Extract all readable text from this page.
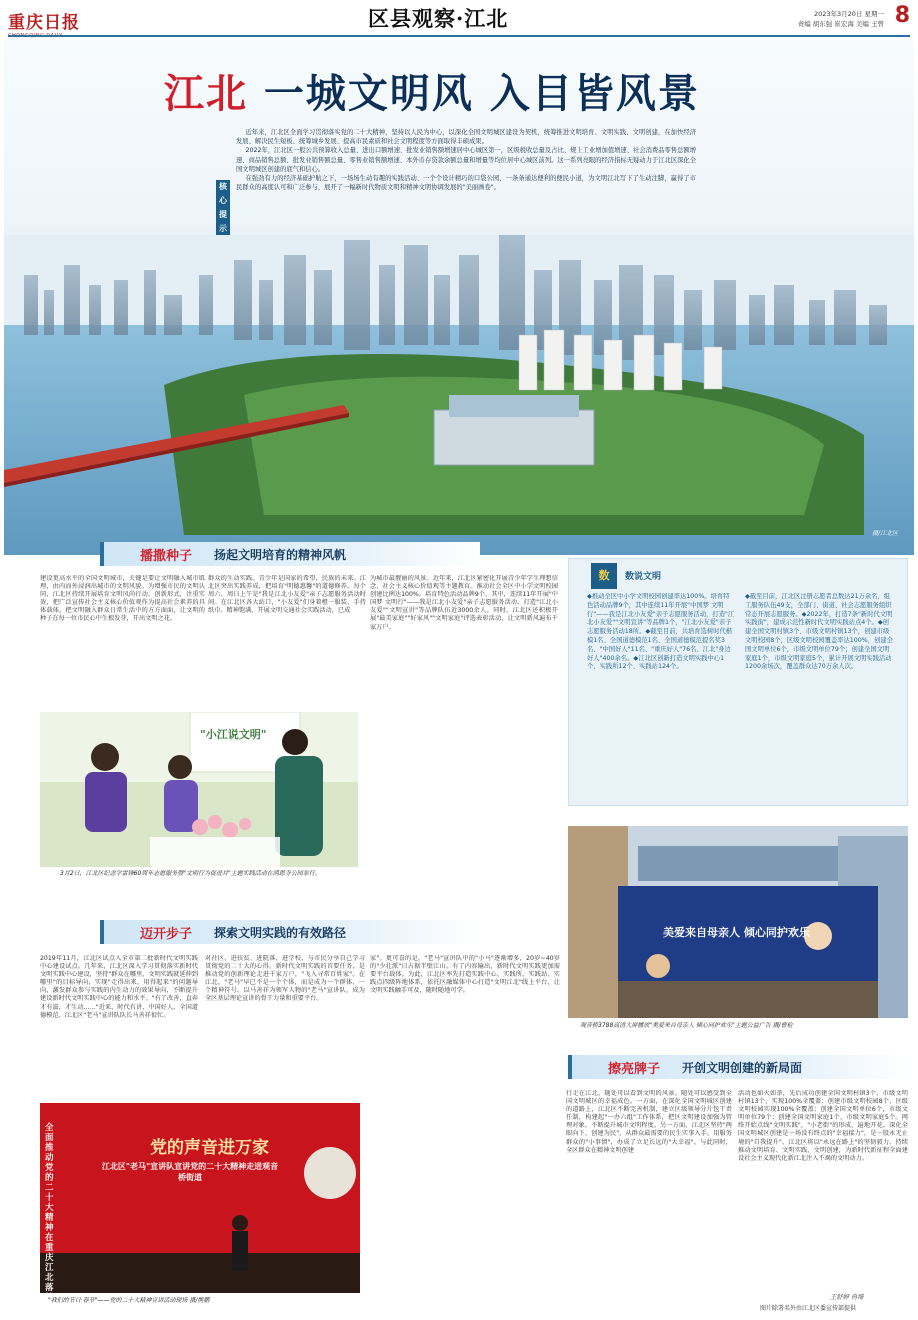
重庆日报	区县观察·江北	2023年3月20日 星期一
责编 胡东强 崔宏海 美编 王曾 8
江北 一城文明风 入目皆风景
核心提示

近年来，江北区全面学习贯彻落实党的二十大精神，坚持以人民为中心，以深化全国文明城区建设为契机，统筹推进文明培育、文明实践、文明创建，在加快经济发展、解决民生短板、统筹城乡发展、提高市民素质和社会文明程度等方面取得丰硕成果。

2022年，江北区一般公共预算收入总量、进出口额增速、批发业销售额增速居中心城区第一，区级税收总量及占比、规上工业增加值增速、社会消费品零售总额增速、商品销售总额、批发业销售额总量、零售业销售额增速、本外币存贷款余额总量和增量等均位居中心城区前列。这一系列亮眼的经济指标无疑动力于江北区深化全国文明城区创建的底气和信心。

在强劲有力的经济基础护航之下，一场场生动有趣的实践活动、一个个设计精巧的口袋公园、一条条通达便利的便民小道，为文明江北写下了生动注脚，赢得了市民群众的高度认可和广泛参与，展开了一幅新时代物质文明和精神文明协调发展的"美丽画卷"。

摄/江北区
播撒种子 扬起文明培育的精神风帆
建设更高水平的全国文明城市，关键是要让文明融入城市肌理，由内而外浸润出城市的文明风貌。为增强市民的文明认同，江北区持续开展培育文明风尚行动，创新形式，注重实效，把广泛宣传社会主义核心价值观作为提高社会素养的具体载体，把文明融入群众日常生活中的方方面面，让文明的种子在每一位市民心中生根发芽，开出文明之花。
群众的生动实践。青少年是国家的希望、民族的未来。江北区突出实践养成，把培育"明德惠馨"的道德修养。每个周六、周日上午是"我是江北小友爱"亲子志愿服务活动时间。在江北区各大站口，"小友爱"们身着橙一服装，手持纸巾、精神饱满，开展文明交通社会实践活动，已成
为城市最靓丽的风景。近年来，江北区紧密化开展青少年学生理想信念、社会主义核心价值观等主题教育。推动社会全区中小学文明校园创建比例达100%。培育特色活动品牌9个，其中，连续11年开展"中国梦 文明行"——我是江北小友爱"亲子志愿服务活动，打造"江北小友爱""文明宣讲"等品牌队伍近3000余人。同时，江北区还积极开展"最美家庭""好家风""文明家庭"评选表彰活动，让文明新风遍布千家万户。
"小江说文明"
3月2日，江北区纪念学雷锋60周年志愿服务暨"文明行为促进月"主题实践活动在鸿恩寺公园举行。
数	数说文明
◆推动全区中小学文明校园创建率达100%。培育特色活动品牌9个，其中连续11年开展"中国梦 文明行"——我是江北小友爱"亲子志愿服务活动，打造"江北小友爱""文明宣讲"等品牌1个，"江北小友爱"亲子志愿服务活动18所。◆截至目前，共培育选树时代楷模1名、全国道德模范1名、全国道德模范提名奖3名、"中国好人"11名、"重庆好人"76名、江北"身边好人"400余名。◆江北区创新打造文明实践中心1个、实践所12个、实践站124个。
◆截至目前，江北区注册志愿者总数达21万余名，组工服务队伍49支，全部门、街道、社会志愿服务组织常态开展志愿服务。◆2022年，打造7条"新时代文明实践街"，建成示范性新时代文明实践站点4个。◆创建全国文明村镇3个、市级文明村镇13个，创建市级文明校园8个，区级文明校园覆盖率达100%，创建全国文明单位6个，市级文明单位79个；创建全国文明家庭1个，市级文明家庭5个，累计开展文明实践活动1200余场次，覆盖群众达70万余人次。
美爱来自母亲人 倾心同护欢乐
观音桥3788高清大屏播放"美爱来自母亲人 倾心同护欢乐"主题公益广告 摄/曹检
迈开步子 探索文明实践的有效路径
2019年11月，江北区试点入全市第二批新时代文明实践中心建设试点。几年来，江北区深入学习贯彻落实新时代文明实践中心建设，坚持"群众在哪里，文明实践就延伸到哪里"的目标导向，实现"走得出来，用得起来"的问题导向，激发群众参与实践的内生动力的效果导向，不断提升建设新时代文明实践中心的能力和水平。"有了改善，直奔才有滋，才生动……"近来，时代有讲、中国好人、全国道德模范、江北区"老马"宣讲队队长马善祥很忙。
对社区、进扶贫、进院落、进学校，与市民分享自己学习贯彻党的二十大的心得。新时代文明实践的首要任务，是推动党的创新理论走进千家万户，"飞入寻常百姓家"。在江北，"老马"早已不是一个个体，而是成为一个群体、一个精神符号。以马善祥为领军人物的"老马"宣讲队，成为全区基层理论宣讲的骨干力量和重要平台。
家"。更可喜的是，"老马"宣讲队中的"小马"逐渐增多，20岁~40岁的"少壮派"日占据半壁江山。有了内容输出，新时代文明实践更加需要平台载体。为此，江北区率先打造实践中心、实践所、实践站、实践点四级阵地体系，依托区融媒体中心打造"文明江北"线上平台，让文明实践触手可及，随时随地可学。
全面推动党的二十大精神在重庆江北落
党的声音进万家
江北区"老马"宣讲队宣讲党的二十大精神走进观音桥街道
"我们的节日·春节"——党的二十大精神宣讲活动现场 摄/熊鹏
擦亮牌子 开创文明创建的新局面
行走在江北，随处可以看到文明的风景。随处可以感受到全国文明城区的幸福成色。一方面，在深化全国文明城区创建的道路上，江北区不断完善机制，建立区级领导分片包干责任制，构建起"一办六组"工作体系，把区文明建设加强为管理对象，不断提升城市文明程度。另一方面，江北区坚持"两眼向下、创建为民"，从群众最需要的民生实事入手，用服务群众的"小事情"，办成了立足长远的"大幸福"。与此同时，全区群众在精神文明创建
活动也如火如荼，先后成功创建全国文明村镇3个、市级文明村镇13个，实现100%全覆盖；创建市级文明校园8个、区级文明校园实现100%全覆盖；创建全国文明单位6个，市级文明单位79个；创建全国文明家庭1个，市级文明家庭5个。网络开始点线"文明实践"，"小老街"的形成，遍地开花。深化全国文明城区创建是一场没有终点的"幸福接力"，是一股永无止境的"自我提升"。江北区将以"永远在路上"的坚韧毅力，持续推动文明培育、文明实践、文明创建，为新时代新征程全面建设社会主义现代化新江北注入不竭的文明动力。
王舒婷 冉绮
图片除署名外由江北区委宣传部提供
